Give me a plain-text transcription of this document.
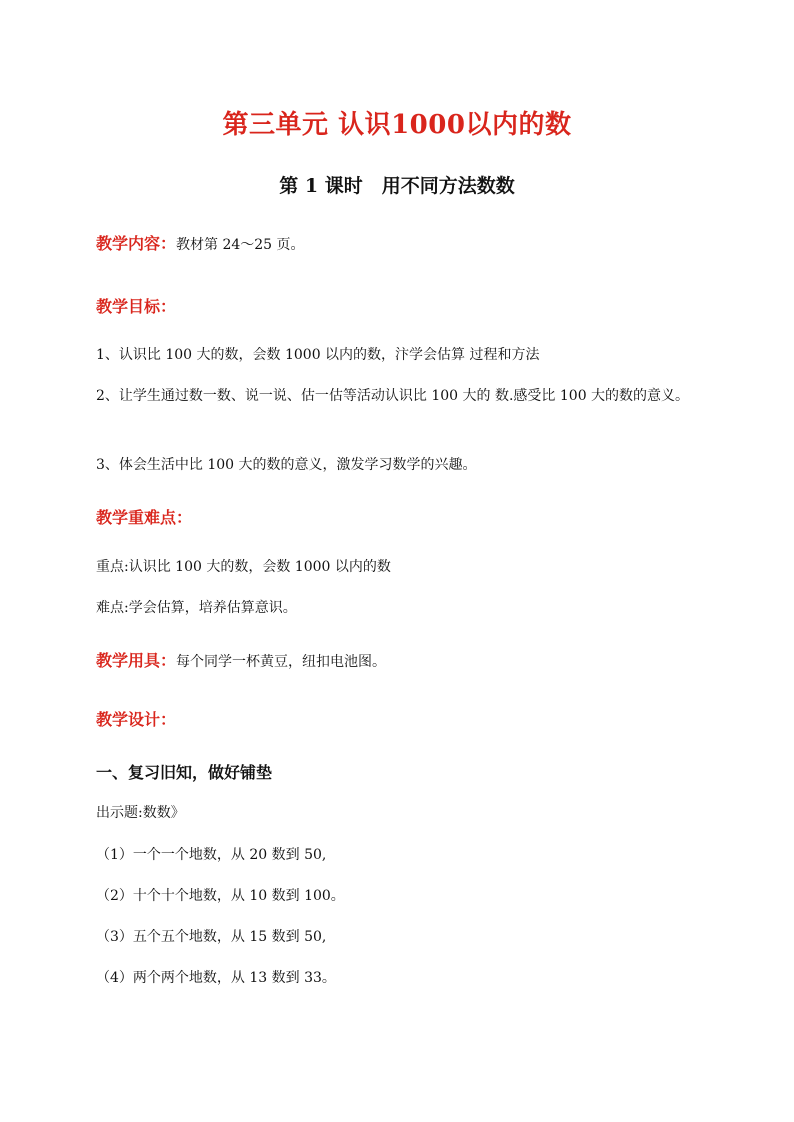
第三单元 认识1000以内的数
第 1 课时　用不同方法数数
教学内容：教材第 24～25 页。
教学目标：
1、认识比 100 大的数，会数 1000 以内的数，汴学会估算 过程和方法
2、让学生通过数一数、说一说、估一估等活动认识比 100 大的 数.感受比 100 大的数的意义。
3、体会生活中比 100 大的数的意义，激发学习数学的兴趣。
教学重难点：
重点:认识比 100 大的数，会数 1000 以内的数
难点:学会估算，培养估算意识。
教学用具：每个同学一杯黄豆，纽扣电池图。
教学设计：
一、复习旧知，做好铺垫
出示题:数数》
（1）一个一个地数，从 20 数到 50,
（2）十个十个地数，从 10 数到 100。
（3）五个五个地数，从 15 数到 50,
（4）两个两个地数，从 13 数到 33。
